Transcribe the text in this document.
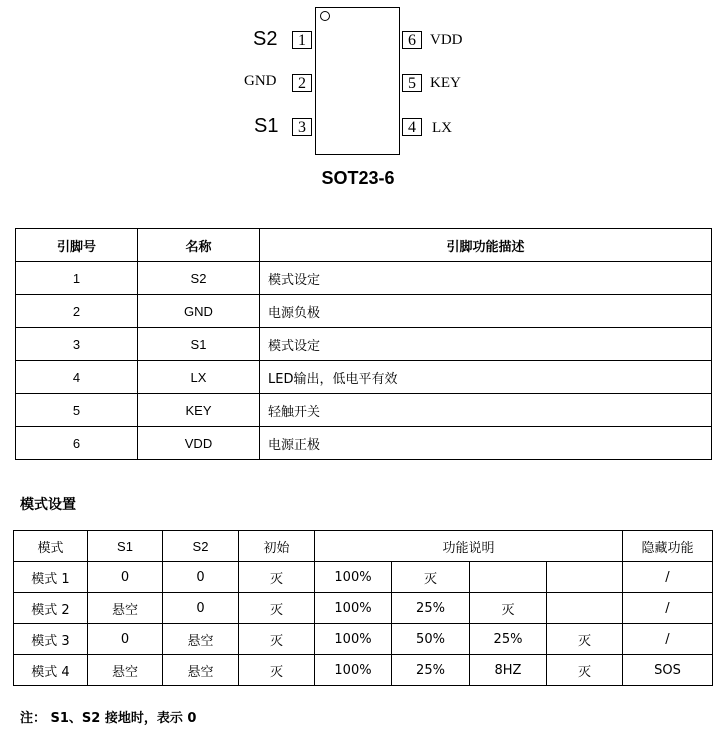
S2	1
GND	2
S1	3
6 VDD
5 KEY
4	LX
SOT23-6
引脚号	名称	引脚功能描述
1	S2	模式设定
2	GND	电源负极
3	S1	模式设定
4	LX	LED输出，低电平有效
5	KEY	轻触开关
6	VDD	电源正极
模式设置
模式	S1	S2	初始	功能说明				隐藏功能
模式 1	0	0	灭	100%	灭			/
模式 2	悬空	0	灭	100%	25%	灭		/
模式 3	0	悬空	灭	100%	50%	25%	灭	/
模式 4	悬空	悬空	灭	100%	25%	8HZ	灭	SOS
注： S1、S2 接地时，表示 0
